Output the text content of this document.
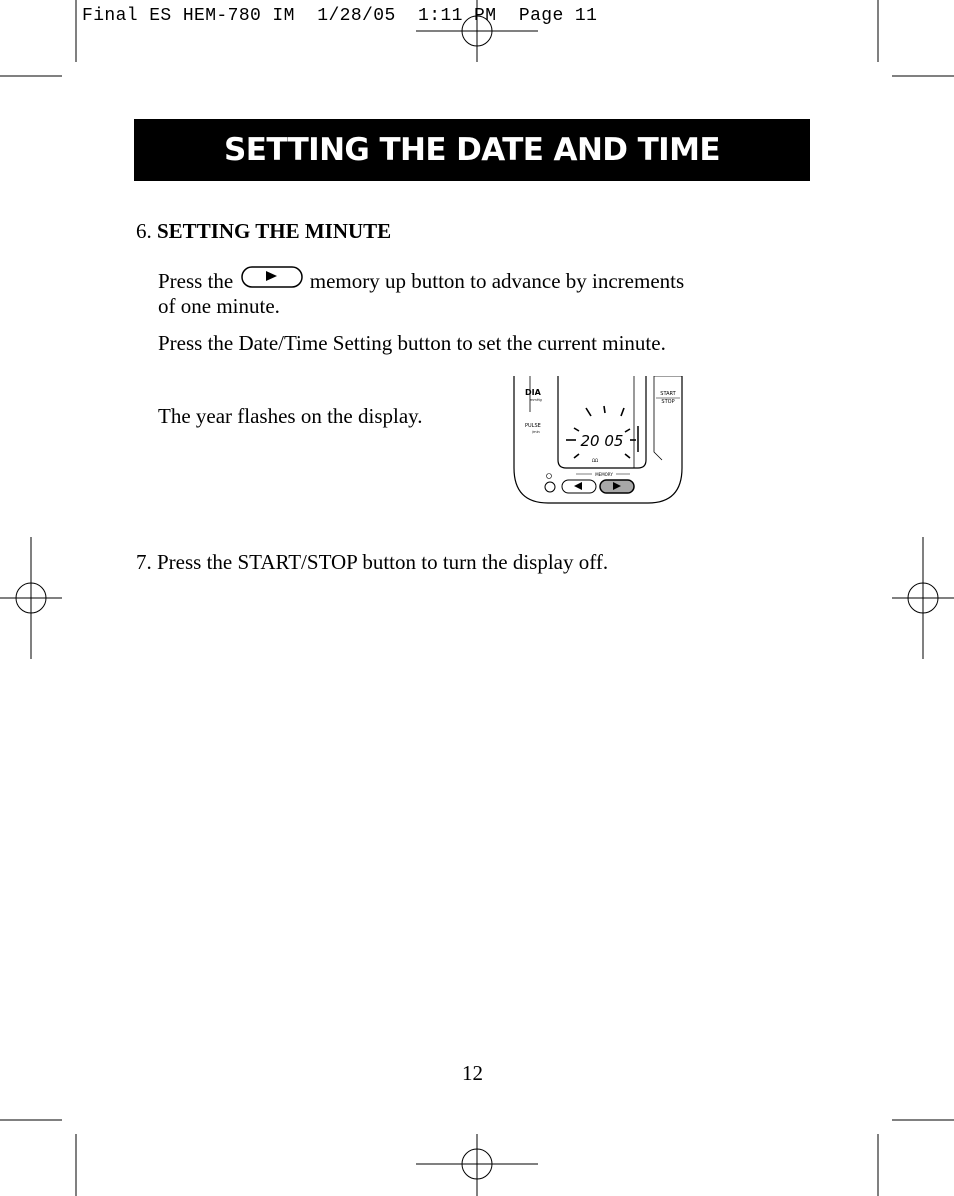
Final ES HEM-780 IM  1/28/05  1:11 PM  Page 11
SETTING THE DATE AND TIME
6. SETTING THE MINUTE
Press the	memory up button to advance by increments
of one minute.
Press the Date/Time Setting button to set the current minute.
The year flashes on the display.
START
STOP
DIA
mmHg
PULSE
/min	20 05
ΩΩ
MEMORY
7. Press the START/STOP button to turn the display off.
12
